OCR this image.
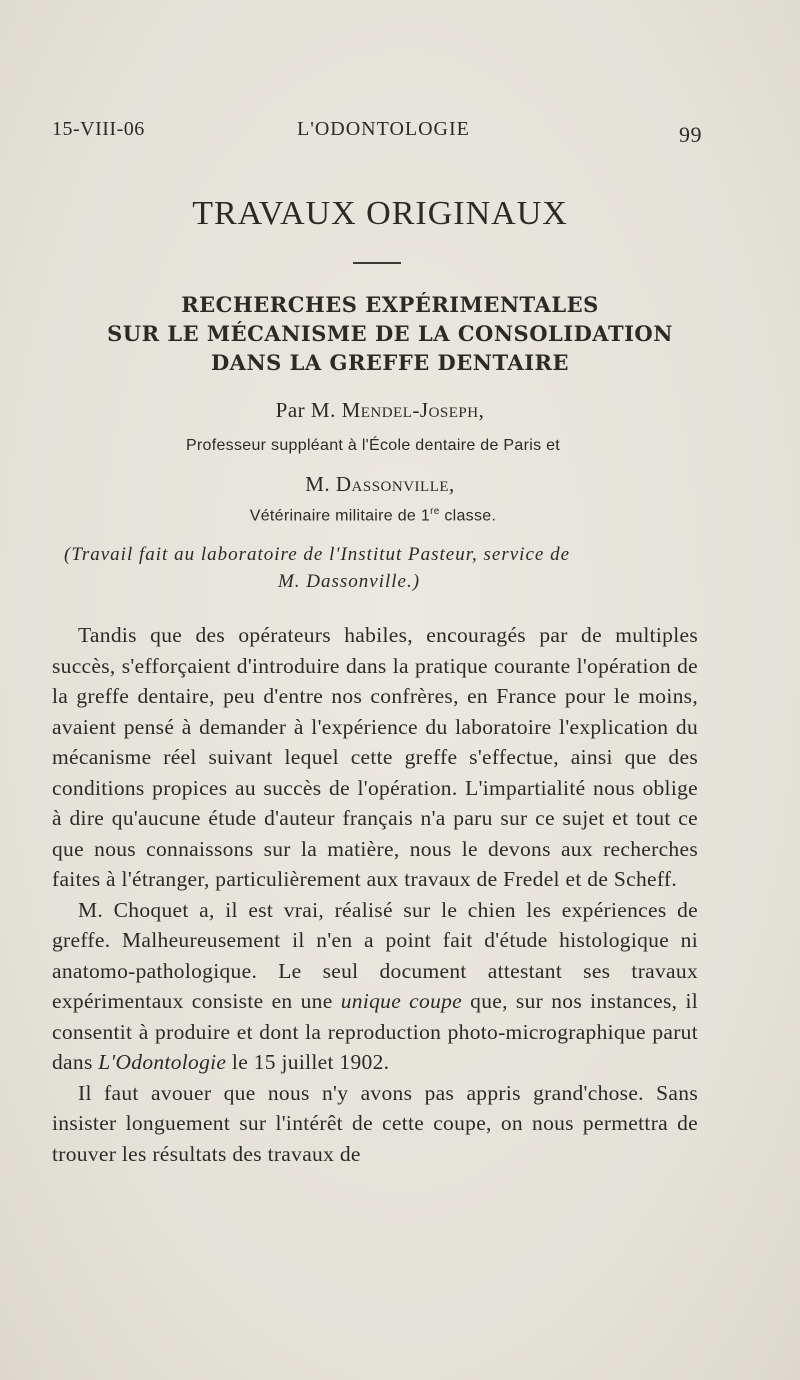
15-VIII-06	L'ODONTOLOGIE	99
TRAVAUX ORIGINAUX
RECHERCHES EXPÉRIMENTALES
SUR LE MÉCANISME DE LA CONSOLIDATION
DANS LA GREFFE DENTAIRE
Par M. Mendel-Joseph,
Professeur suppléant à l'École dentaire de Paris et
M. Dassonville,
Vétérinaire militaire de 1re classe.
(Travail fait au laboratoire de l'Institut Pasteur, service de
M. Dassonville.)

Tandis que des opérateurs habiles, encouragés par de multiples succès, s'efforçaient d'introduire dans la pratique courante l'opération de la greffe dentaire, peu d'entre nos confrères, en France pour le moins, avaient pensé à demander à l'expérience du laboratoire l'explication du mécanisme réel suivant lequel cette greffe s'effectue, ainsi que des conditions propices au succès de l'opération. L'impartialité nous oblige à dire qu'aucune étude d'auteur français n'a paru sur ce sujet et tout ce que nous connaissons sur la matière, nous le devons aux recherches faites à l'étranger, particulièrement aux travaux de Fredel et de Scheff.

M. Choquet a, il est vrai, réalisé sur le chien les expériences de greffe. Malheureusement il n'en a point fait d'étude histologique ni anatomo-pathologique. Le seul document attestant ses travaux expérimentaux consiste en une unique coupe que, sur nos instances, il consentit à produire et dont la reproduction photo-micrographique parut dans L'Odontologie le 15 juillet 1902.

Il faut avouer que nous n'y avons pas appris grand'chose. Sans insister longuement sur l'intérêt de cette coupe, on nous permettra de trouver les résultats des travaux de
